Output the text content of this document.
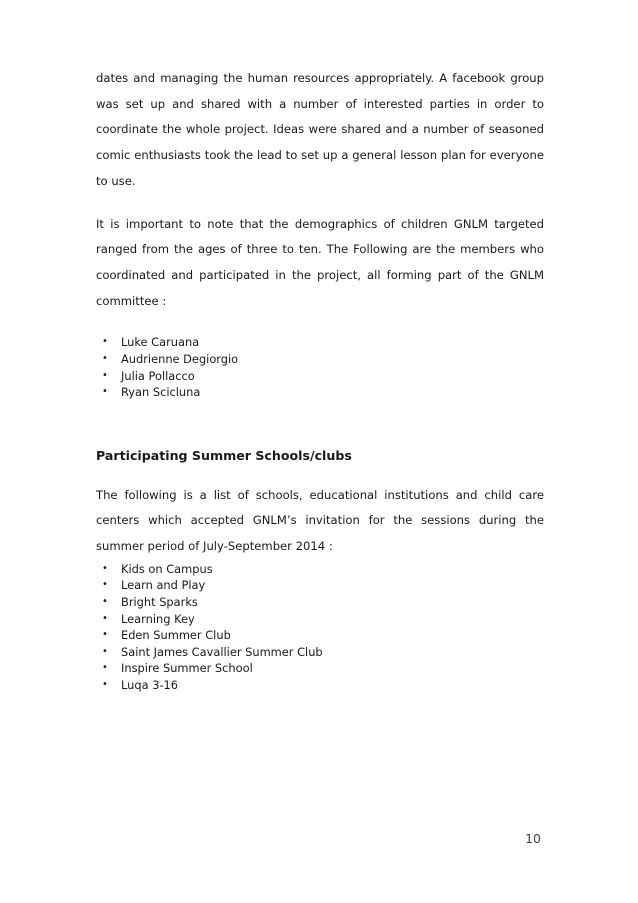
dates and managing the human resources appropriately. A facebook group was set up and shared with a number of interested parties in order to coordinate the whole project. Ideas were shared and a number of seasoned comic enthusiasts took the lead to set up a general lesson plan for everyone to use.

It is important to note that the demographics of children GNLM targeted ranged from the ages of three to ten. The Following are the members who coordinated and participated in the project, all forming part of the GNLM committee :

• Luke Caruana
• Audrienne Degiorgio
• Julia Pollacco
• Ryan Scicluna
Participating Summer Schools/clubs

The following is a list of schools, educational institutions and child care centers which accepted GNLM’s invitation for the sessions during the summer period of July-September 2014 :

• Kids on Campus
• Learn and Play
• Bright Sparks
• Learning Key
• Eden Summer Club
• Saint James Cavallier Summer Club
• Inspire Summer School
• Luqa 3-16
10
